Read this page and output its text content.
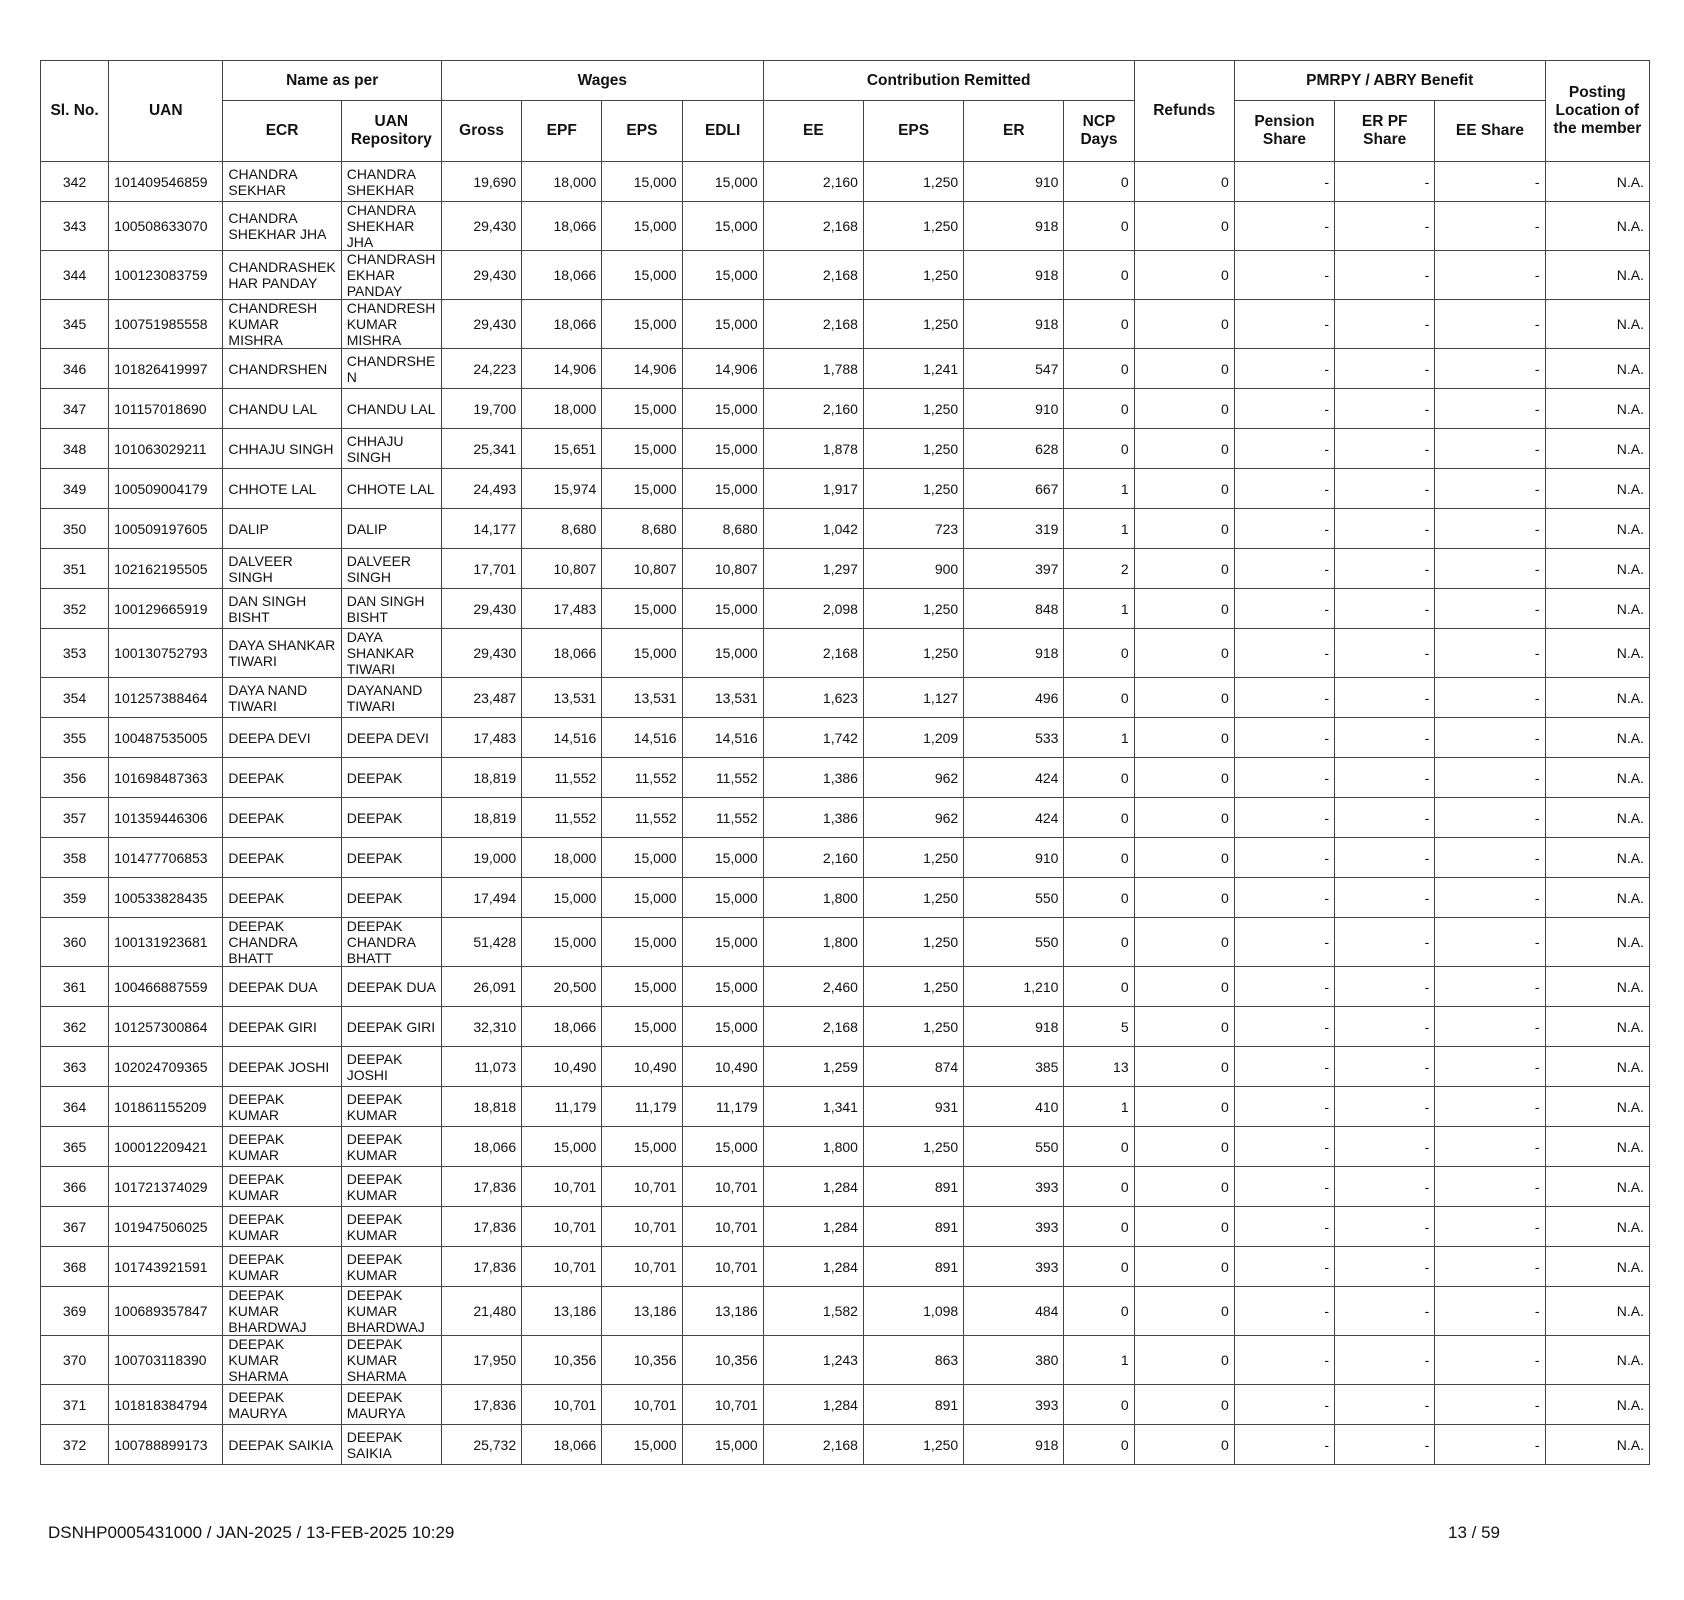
Sl. No.	UAN	Name as per		Wages				Contribution Remitted				Refunds	PMRPY / ABRY Benefit			Posting Location of the member
		ECR	UAN Repository	Gross	EPF	EPS	EDLI	EE	EPS	ER	NCP Days		Pension Share	ER PF Share	EE Share	
342	101409546859	CHANDRA SEKHAR	CHANDRA SHEKHAR	19,690	18,000	15,000	15,000	2,160	1,250	910	0	0	-	-	-	N.A.
343	100508633070	CHANDRA SHEKHAR JHA	CHANDRA SHEKHAR JHA	29,430	18,066	15,000	15,000	2,168	1,250	918	0	0	-	-	-	N.A.
344	100123083759	CHANDRASHEK HAR PANDAY	CHANDRASH EKHAR PANDAY	29,430	18,066	15,000	15,000	2,168	1,250	918	0	0	-	-	-	N.A.
345	100751985558	CHANDRESH KUMAR MISHRA	CHANDRESH KUMAR MISHRA	29,430	18,066	15,000	15,000	2,168	1,250	918	0	0	-	-	-	N.A.
346	101826419997	CHANDRSHEN	CHANDRSHE N	24,223	14,906	14,906	14,906	1,788	1,241	547	0	0	-	-	-	N.A.
347	101157018690	CHANDU LAL	CHANDU LAL	19,700	18,000	15,000	15,000	2,160	1,250	910	0	0	-	-	-	N.A.
348	101063029211	CHHAJU SINGH	CHHAJU SINGH	25,341	15,651	15,000	15,000	1,878	1,250	628	0	0	-	-	-	N.A.
349	100509004179	CHHOTE LAL	CHHOTE LAL	24,493	15,974	15,000	15,000	1,917	1,250	667	1	0	-	-	-	N.A.
350	100509197605	DALIP	DALIP	14,177	8,680	8,680	8,680	1,042	723	319	1	0	-	-	-	N.A.
351	102162195505	DALVEER SINGH	DALVEER SINGH	17,701	10,807	10,807	10,807	1,297	900	397	2	0	-	-	-	N.A.
352	100129665919	DAN SINGH BISHT	DAN SINGH BISHT	29,430	17,483	15,000	15,000	2,098	1,250	848	1	0	-	-	-	N.A.
353	100130752793	DAYA SHANKAR TIWARI	DAYA SHANKAR TIWARI	29,430	18,066	15,000	15,000	2,168	1,250	918	0	0	-	-	-	N.A.
354	101257388464	DAYA NAND TIWARI	DAYANAND TIWARI	23,487	13,531	13,531	13,531	1,623	1,127	496	0	0	-	-	-	N.A.
355	100487535005	DEEPA DEVI	DEEPA DEVI	17,483	14,516	14,516	14,516	1,742	1,209	533	1	0	-	-	-	N.A.
356	101698487363	DEEPAK	DEEPAK	18,819	11,552	11,552	11,552	1,386	962	424	0	0	-	-	-	N.A.
357	101359446306	DEEPAK	DEEPAK	18,819	11,552	11,552	11,552	1,386	962	424	0	0	-	-	-	N.A.
358	101477706853	DEEPAK	DEEPAK	19,000	18,000	15,000	15,000	2,160	1,250	910	0	0	-	-	-	N.A.
359	100533828435	DEEPAK	DEEPAK	17,494	15,000	15,000	15,000	1,800	1,250	550	0	0	-	-	-	N.A.
360	100131923681	DEEPAK CHANDRA BHATT	DEEPAK CHANDRA BHATT	51,428	15,000	15,000	15,000	1,800	1,250	550	0	0	-	-	-	N.A.
361	100466887559	DEEPAK DUA	DEEPAK DUA	26,091	20,500	15,000	15,000	2,460	1,250	1,210	0	0	-	-	-	N.A.
362	101257300864	DEEPAK GIRI	DEEPAK GIRI	32,310	18,066	15,000	15,000	2,168	1,250	918	5	0	-	-	-	N.A.
363	102024709365	DEEPAK JOSHI	DEEPAK JOSHI	11,073	10,490	10,490	10,490	1,259	874	385	13	0	-	-	-	N.A.
364	101861155209	DEEPAK KUMAR	DEEPAK KUMAR	18,818	11,179	11,179	11,179	1,341	931	410	1	0	-	-	-	N.A.
365	100012209421	DEEPAK KUMAR	DEEPAK KUMAR	18,066	15,000	15,000	15,000	1,800	1,250	550	0	0	-	-	-	N.A.
366	101721374029	DEEPAK KUMAR	DEEPAK KUMAR	17,836	10,701	10,701	10,701	1,284	891	393	0	0	-	-	-	N.A.
367	101947506025	DEEPAK KUMAR	DEEPAK KUMAR	17,836	10,701	10,701	10,701	1,284	891	393	0	0	-	-	-	N.A.
368	101743921591	DEEPAK KUMAR	DEEPAK KUMAR	17,836	10,701	10,701	10,701	1,284	891	393	0	0	-	-	-	N.A.
369	100689357847	DEEPAK KUMAR BHARDWAJ	DEEPAK KUMAR BHARDWAJ	21,480	13,186	13,186	13,186	1,582	1,098	484	0	0	-	-	-	N.A.
370	100703118390	DEEPAK KUMAR SHARMA	DEEPAK KUMAR SHARMA	17,950	10,356	10,356	10,356	1,243	863	380	1	0	-	-	-	N.A.
371	101818384794	DEEPAK MAURYA	DEEPAK MAURYA	17,836	10,701	10,701	10,701	1,284	891	393	0	0	-	-	-	N.A.
372	100788899173	DEEPAK SAIKIA	DEEPAK SAIKIA	25,732	18,066	15,000	15,000	2,168	1,250	918	0	0	-	-	-	N.A.
DSNHP0005431000 / JAN-2025 / 13-FEB-2025 10:29	13 / 59
